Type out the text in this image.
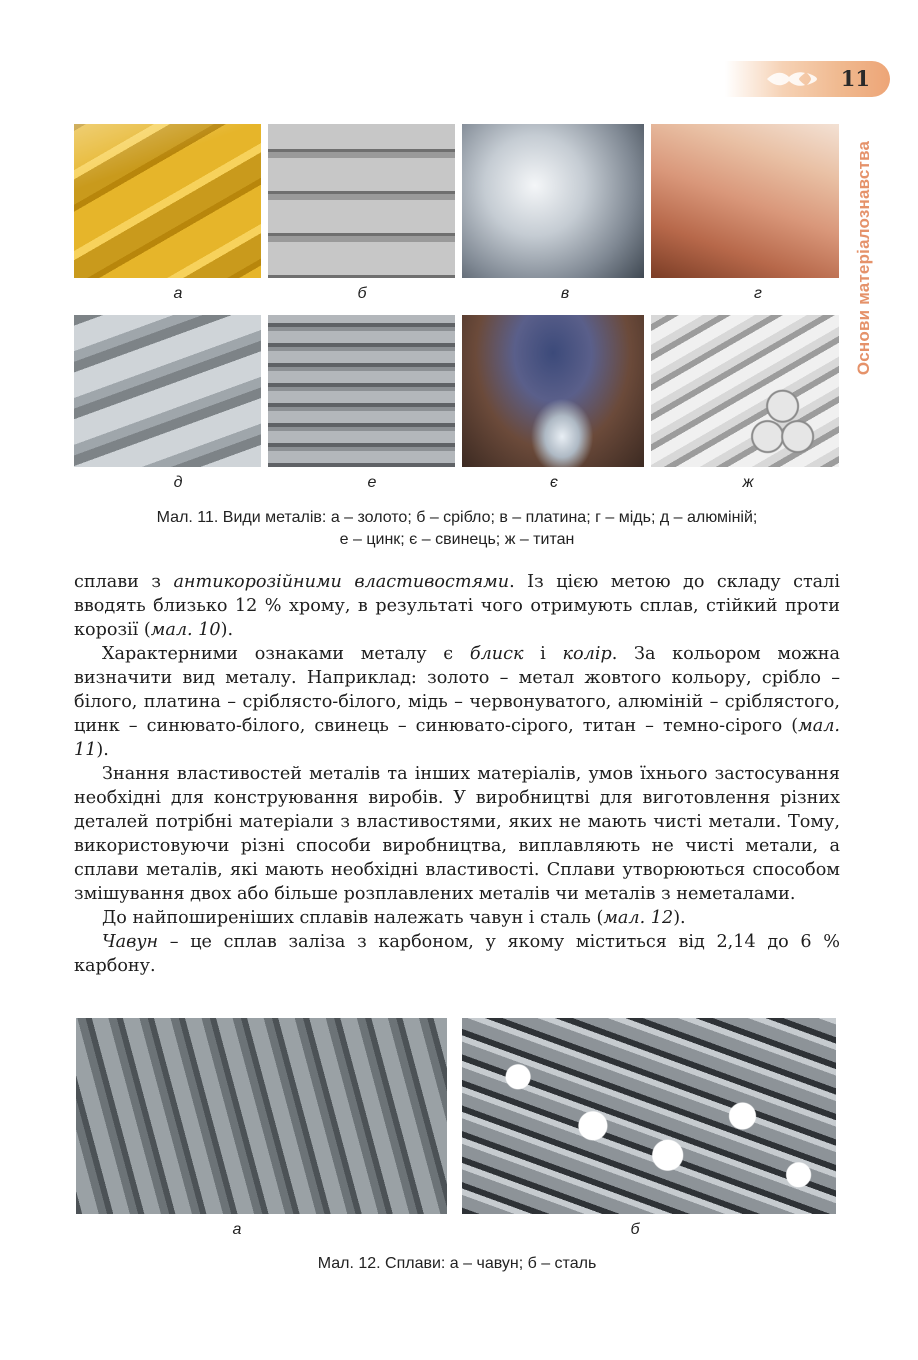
11
Основи матеріалознавства
а	б	в	г
д	е	є	ж
Мал. 11. Види металів: а – золото; б – срібло; в – платина; г – мідь; д – алюміній;
е – цинк; є – свинець; ж – титан

сплави з антикорозійними властивостями. Із цією метою до складу сталі вводять близько 12 % хрому, в результаті чого отримують сплав, стійкий проти корозії (мал. 10).

Характерними ознаками металу є блиск і колір. За кольором можна визначити вид металу. Наприклад: золото – метал жовтого кольору, срібло – білого, платина – сріблясто-білого, мідь – червонуватого, алюміній – сріблястого, цинк – синювато-білого, свинець – синювато-сірого, титан – темно-сірого (мал. 11).

Знання властивостей металів та інших матеріалів, умов їхнього застосування необхідні для конструювання виробів. У виробництві для виготовлення різних деталей потрібні матеріали з властивостями, яких не мають чисті метали. Тому, використовуючи різні способи виробництва, виплавляють не чисті метали, а сплави металів, які мають необхідні властивості. Сплави утворюються способом змішування двох або більше розплавлених металів чи металів з неметалами.

До найпоширеніших сплавів належать чавун і сталь (мал. 12).

Чавун – це сплав заліза з карбоном, у якому міститься від 2,14 до 6 % карбону.

а	б
Мал. 12. Сплави: а – чавун; б – сталь
